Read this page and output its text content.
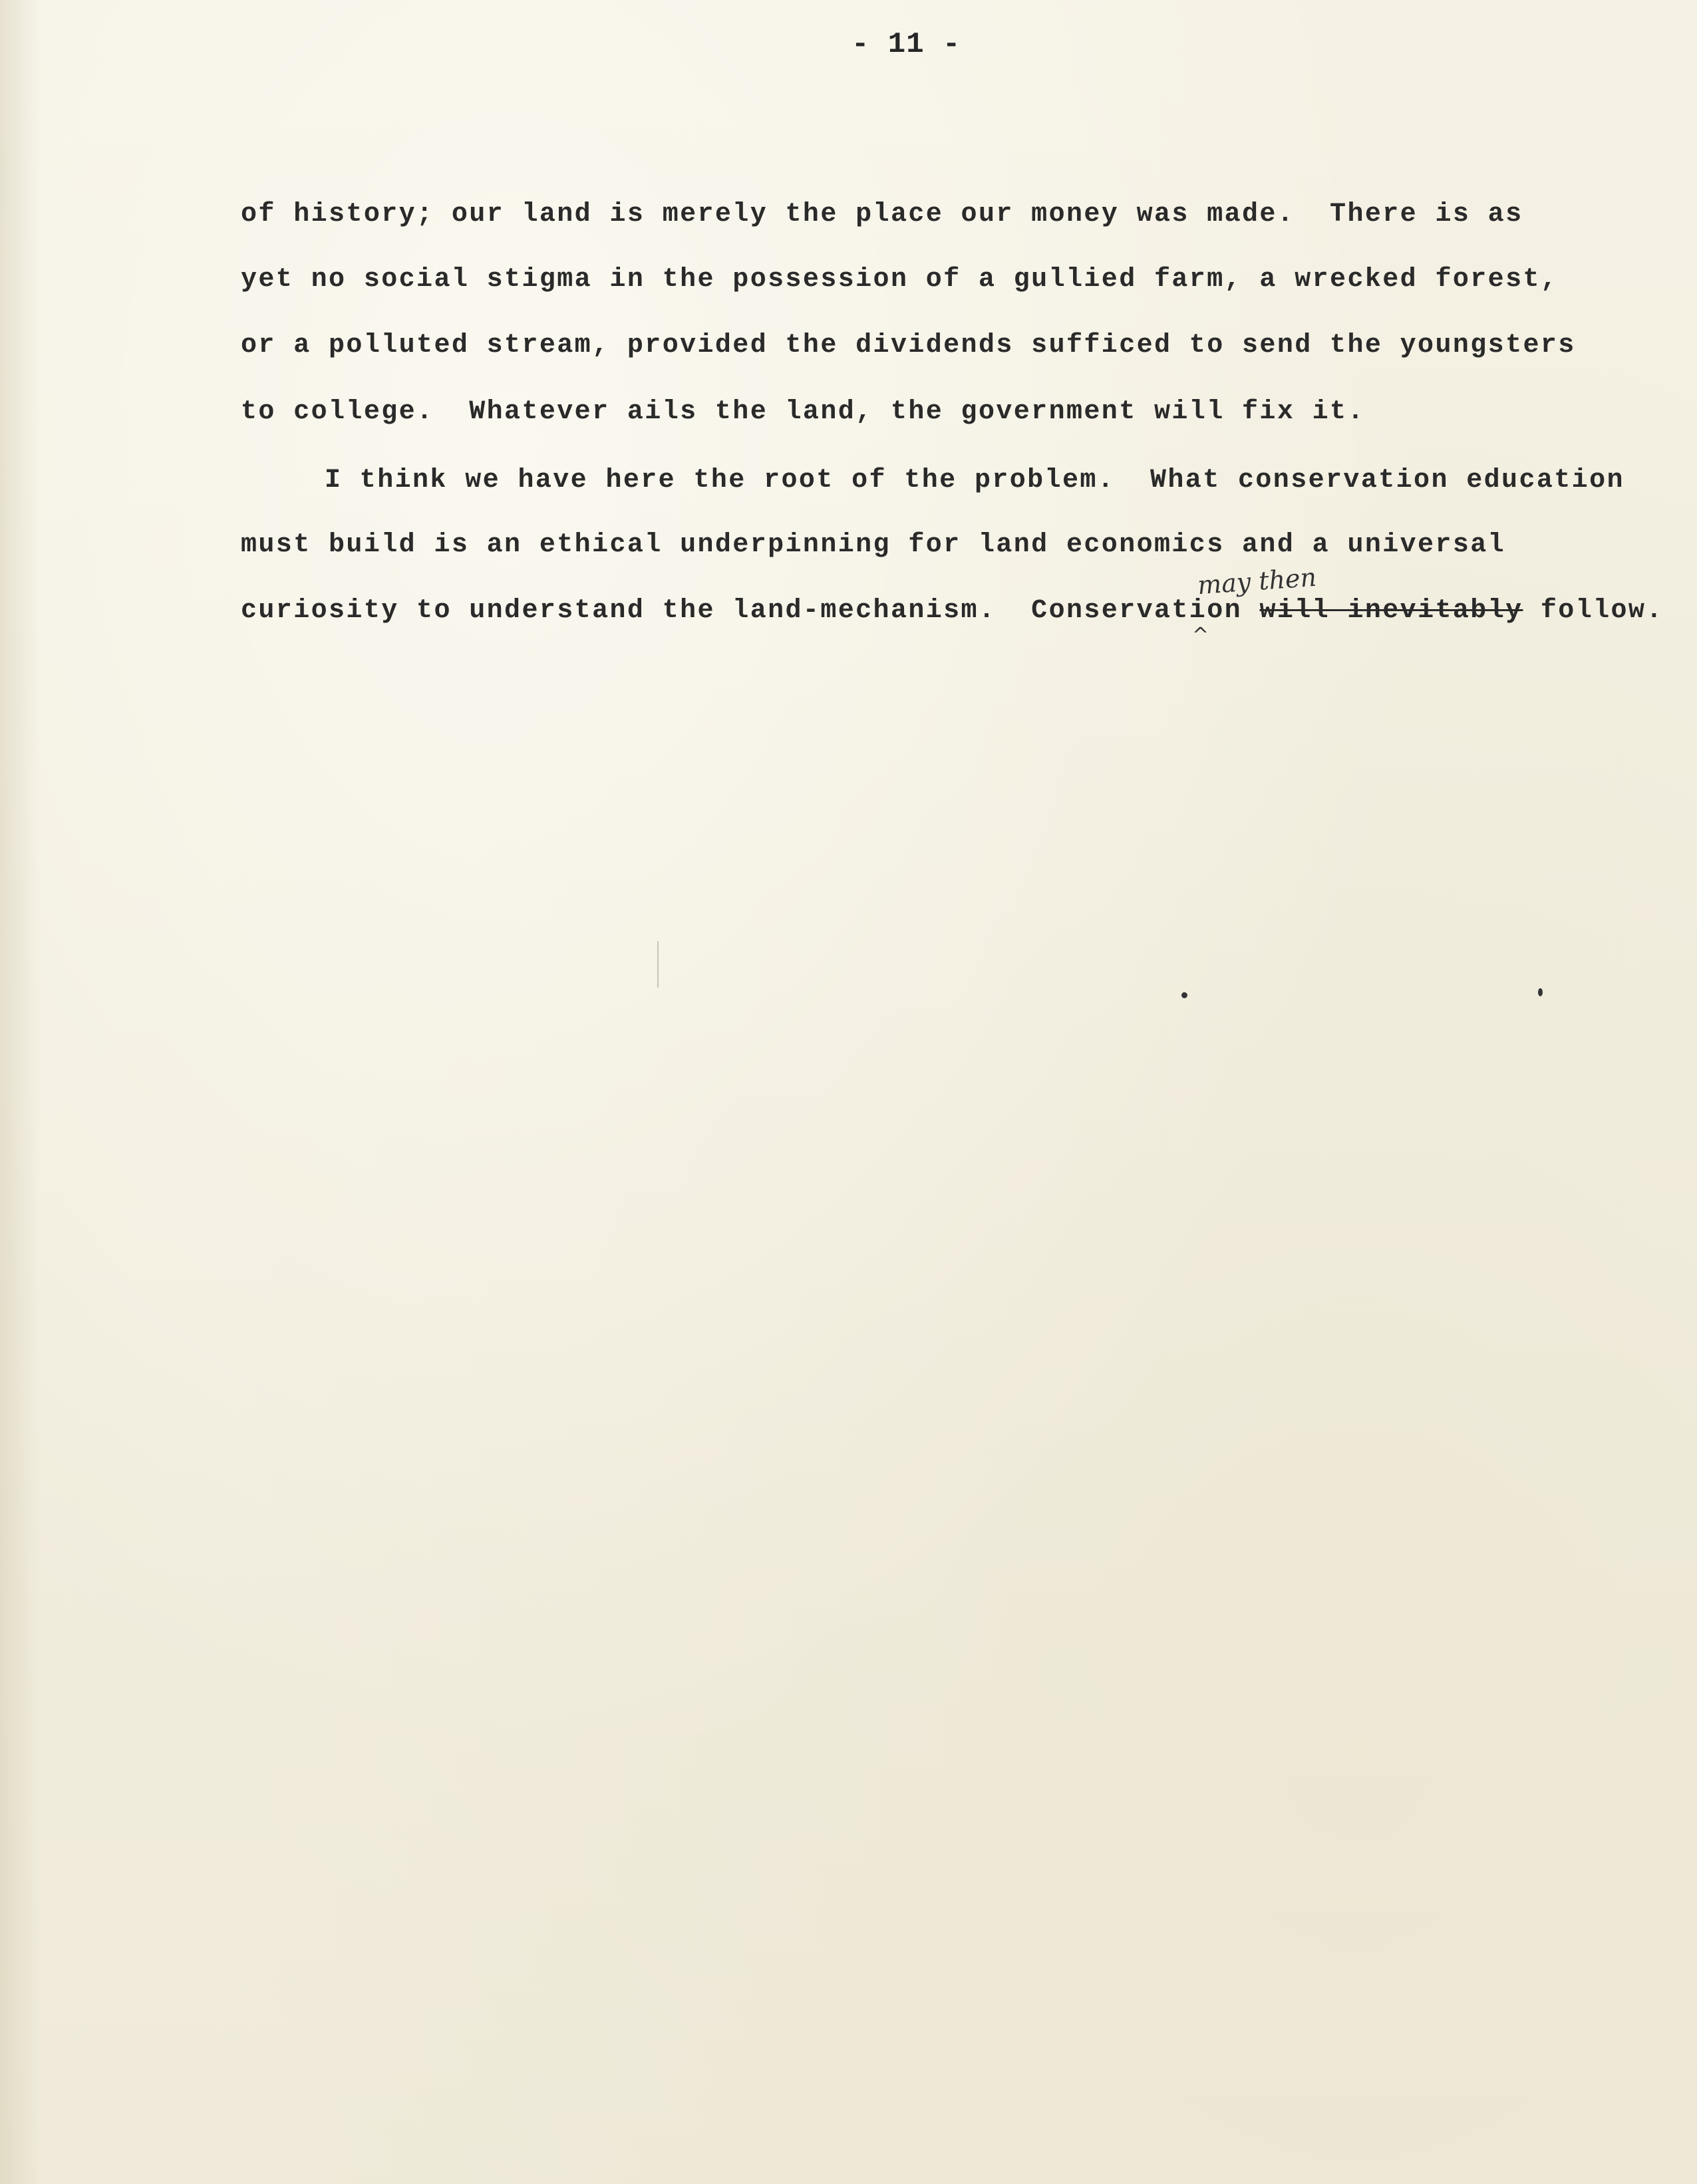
- 11 -
of history; our land is merely the place our money was made.  There is as
yet no social stigma in the possession of a gullied farm, a wrecked forest,
or a polluted stream, provided the dividends sufficed to send the youngsters
to college.  Whatever ails the land, the government will fix it.
I think we have here the root of the problem.  What conservation education
must build is an ethical underpinning for land economics and a universal
curiosity to understand the land-mechanism.  Conservation will inevitably follow.
may then
^
